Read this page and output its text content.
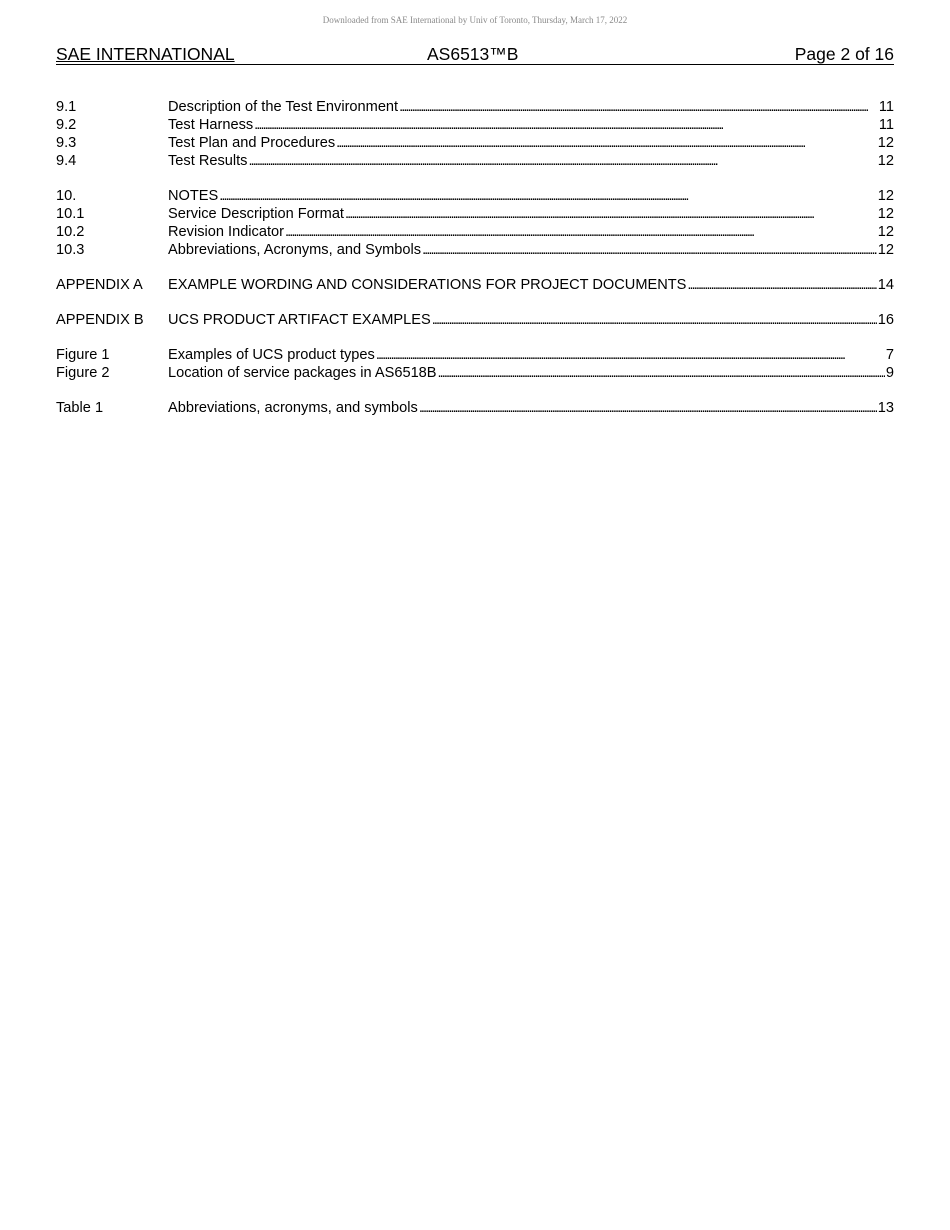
Downloaded from SAE International by Univ of Toronto, Thursday, March 17, 2022
SAE INTERNATIONAL	AS6513™B	Page 2 of 16
9.1	Description of the Test Environment . . .	11
9.2	Test Harness . . .	11
9.3	Test Plan and Procedures . . .	12
9.4	Test Results . . .	12
10.	NOTES . . .	12
10.1	Service Description Format . . .	12
10.2	Revision Indicator . . .	12
10.3	Abbreviations, Acronyms, and Symbols . . .	12
APPENDIX A	EXAMPLE WORDING AND CONSIDERATIONS FOR PROJECT DOCUMENTS . . .	14
APPENDIX B	UCS PRODUCT ARTIFACT EXAMPLES . . .	16
Figure 1	Examples of UCS product types . . .	7
Figure 2	Location of service packages in AS6518B . . .	9
Table 1	Abbreviations, acronyms, and symbols . . .	13
